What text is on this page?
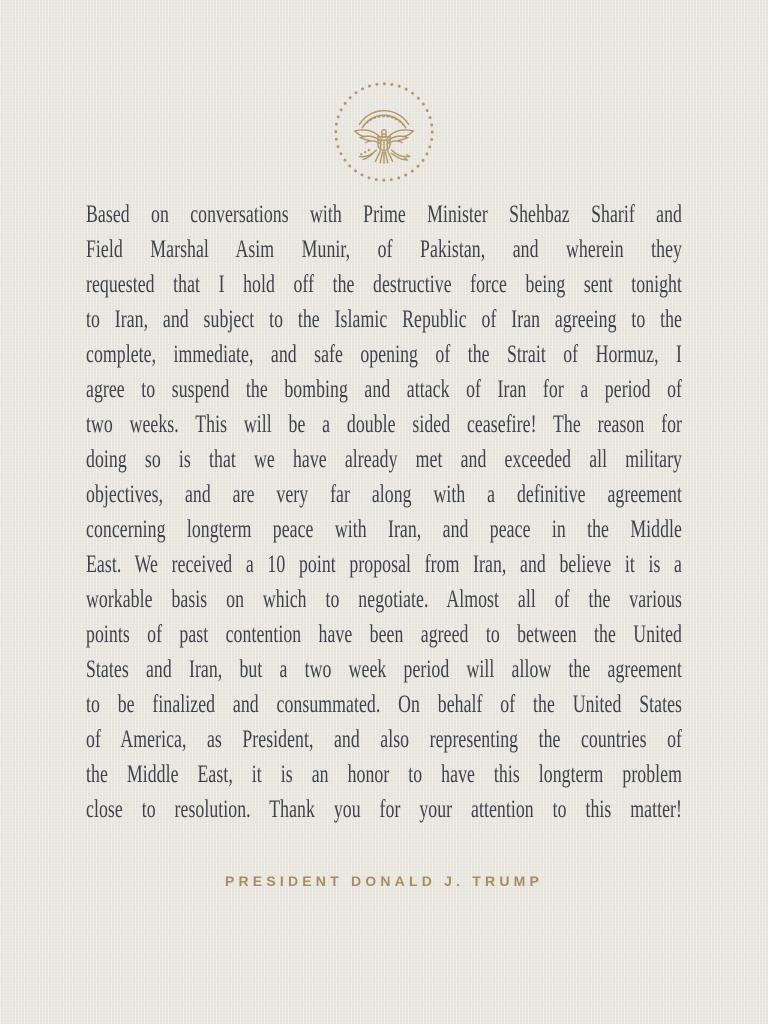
Based on conversations with Prime Minister Shehbaz Sharif and
Field Marshal Asim Munir, of Pakistan, and wherein they
requested that I hold off the destructive force being sent tonight
to Iran, and subject to the Islamic Republic of Iran agreeing to the
complete, immediate, and safe opening of the Strait of Hormuz, I
agree to suspend the bombing and attack of Iran for a period of
two weeks. This will be a double sided ceasefire! The reason for
doing so is that we have already met and exceeded all military
objectives, and are very far along with a definitive agreement
concerning longterm peace with Iran, and peace in the Middle
East. We received a 10 point proposal from Iran, and believe it is a
workable basis on which to negotiate. Almost all of the various
points of past contention have been agreed to between the United
States and Iran, but a two week period will allow the agreement
to be finalized and consummated. On behalf of the United States
of America, as President, and also representing the countries of
the Middle East, it is an honor to have this longterm problem
close to resolution. Thank you for your attention to this matter!
PRESIDENT DONALD J. TRUMP
